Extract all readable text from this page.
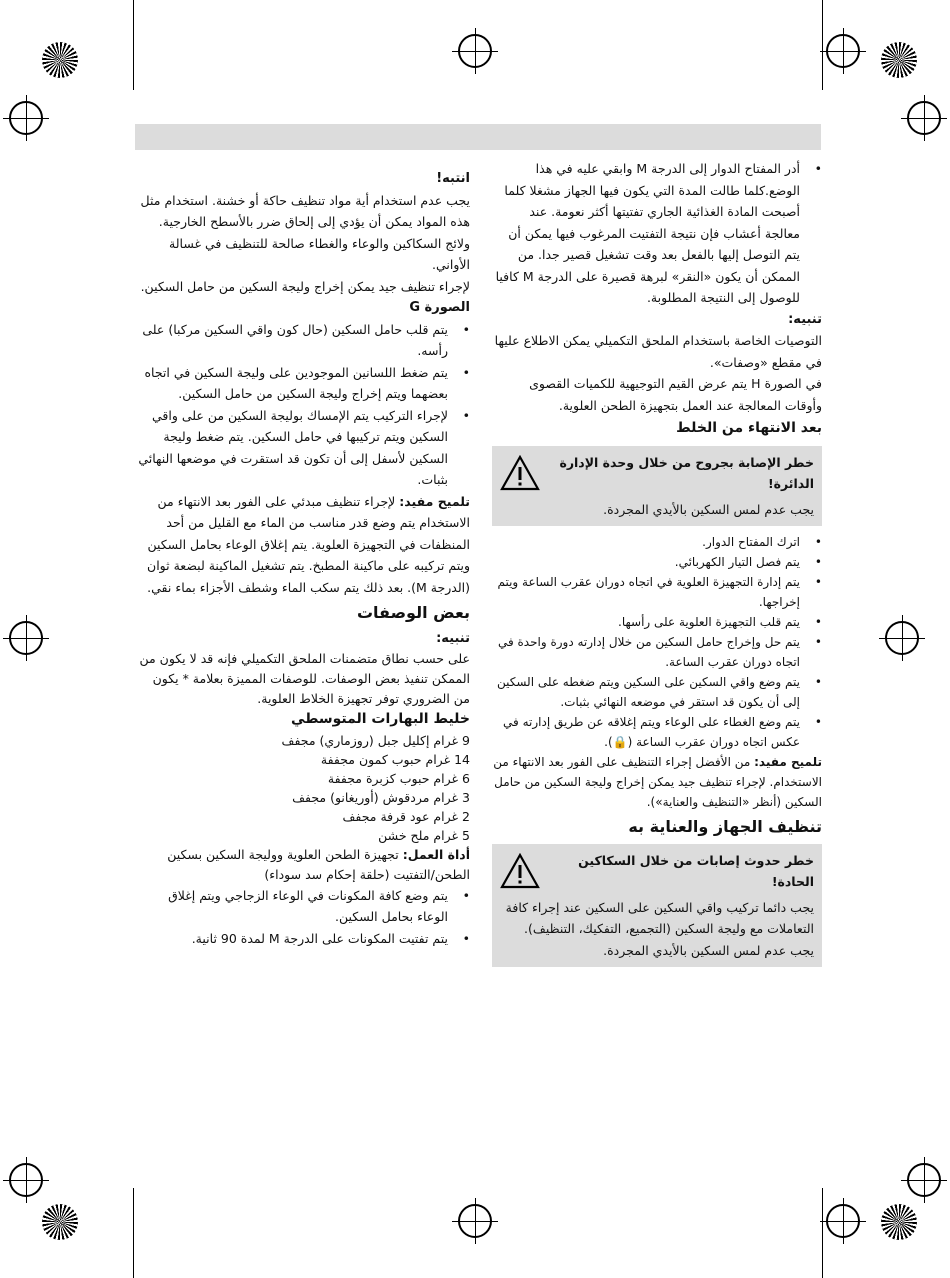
• أدر المفتاح الدوار إلى الدرجة M وابقي عليه في هذا الوضع.كلما طالت المدة التي يكون فيها الجهاز مشغلا كلما أصبحت المادة الغذائية الجاري تفتيتها أكثر نعومة. عند معالجة أعشاب فإن نتيجة التفتيت المرغوب فيها يمكن أن يتم التوصل إليها بالفعل بعد وقت تشغيل قصير جدا. من الممكن أن يكون «النقر» لبرهة قصيرة على الدرجة M كافيا للوصول إلى النتيجة المطلوبة.

تنبيه:

التوصيات الخاصة باستخدام الملحق التكميلي يمكن الاطلاع عليها في مقطع «وصفات».

في الصورة H يتم عرض القيم التوجيهية للكميات القصوى وأوقات المعالجة عند العمل بتجهيزة الطحن العلوية.

بعد الانتهاء من الخلط

خطر الإصابة بجروح من خلال وحدة الإدارة الدائرة!

يجب عدم لمس السكين بالأيدي المجردة.

• اترك المفتاح الدوار.
• يتم فصل التيار الكهربائي.
• يتم إدارة التجهيزة العلوية في اتجاه دوران عقرب الساعة ويتم إخراجها.
• يتم قلب التجهيزة العلوية على رأسها.
• يتم حل وإخراج حامل السكين من خلال إدارته دورة واحدة في اتجاه دوران عقرب الساعة.
• يتم وضع واقي السكين على السكين ويتم ضغطه على السكين إلى أن يكون قد استقر في موضعه النهائي بثبات.
• يتم وضع الغطاء على الوعاء ويتم إغلاقه عن طريق إدارته في عكس اتجاه دوران عقرب الساعة (🔒).

تلميح مفيد: من الأفضل إجراء التنظيف على الفور بعد الانتهاء من الاستخدام. لإجراء تنظيف جيد يمكن إخراج وليجة السكين من حامل السكين (أنظر «التنظيف والعناية»).

تنظيف الجهاز والعناية به

خطر حدوث إصابات من خلال السكاكين الحادة!

يجب دائما تركيب واقي السكين على السكين عند إجراء كافة التعاملات مع وليجة السكين (التجميع، التفكيك، التنظيف).

يجب عدم لمس السكين بالأيدي المجردة.

انتبه!

يجب عدم استخدام أية مواد تنظيف حاكة أو خشنة. استخدام مثل هذه المواد يمكن أن يؤدي إلى إلحاق ضرر بالأسطح الخارجية.

ولائج السكاكين والوعاء والغطاء صالحة للتنظيف في غسالة الأواني.

لإجراء تنظيف جيد يمكن إخراج وليجة السكين من حامل السكين.

الصورة G

• يتم قلب حامل السكين (حال كون واقي السكين مركبا) على رأسه.
• يتم ضغط اللسانين الموجودين على وليجة السكين في اتجاه بعضهما ويتم إخراج وليجة السكين من حامل السكين.
• لإجراء التركيب يتم الإمساك بوليجة السكين من على واقي السكين ويتم تركيبها في حامل السكين. يتم ضغط وليجة السكين لأسفل إلى أن تكون قد استقرت في موضعها النهائي بثبات.

تلميح مفيد: لإجراء تنظيف مبدئي على الفور بعد الانتهاء من الاستخدام يتم وضع قدر مناسب من الماء مع القليل من أحد المنظفات في التجهيزة العلوية. يتم إغلاق الوعاء بحامل السكين ويتم تركيبه على ماكينة المطبخ. يتم تشغيل الماكينة لبضعة ثوان (الدرجة M). بعد ذلك يتم سكب الماء وشطف الأجزاء بماء نقي.

بعض الوصفات

تنبيه:

على حسب نطاق متضمنات الملحق التكميلي فإنه قد لا يكون من الممكن تنفيذ بعض الوصفات. للوصفات المميزة بعلامة * يكون من الضروري توفر تجهيزة الخلاط العلوية.

خليط البهارات المتوسطي

9 غرام إكليل جبل (روزماري) مجفف

14 غرام حبوب كمون مجففة

6 غرام حبوب كزبرة مجففة

3 غرام مردقوش (أوريغانو) مجفف

2 غرام عود قرفة مجفف

5 غرام ملح خشن

أداة العمل: تجهيزة الطحن العلوية ووليجة السكين بسكين الطحن/التفتيت (حلقة إحكام سد سوداء)

• يتم وضع كافة المكونات في الوعاء الزجاجي ويتم إغلاق الوعاء بحامل السكين.
• يتم تفتيت المكونات على الدرجة M لمدة 90 ثانية.
